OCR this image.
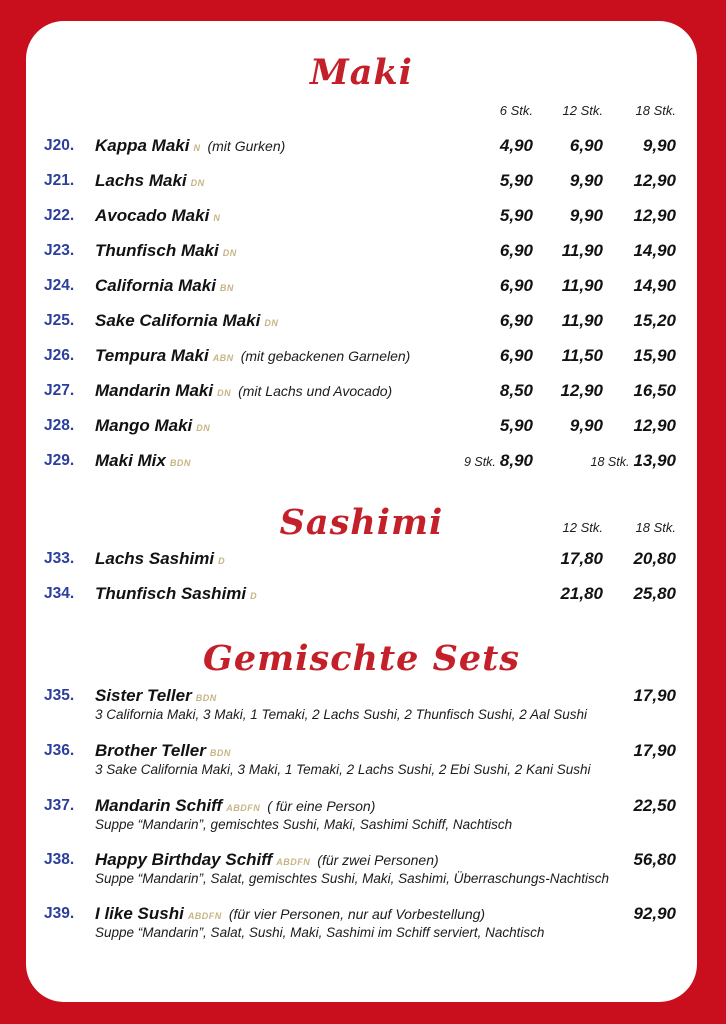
Maki
6 Stk. 12 Stk.	18 Stk.
J20. Kappa Maki N (mit Gurken)	4,90 6,90 9,90
J21. Lachs Maki DN	5,90 9,90 12,90
J22. Avocado Maki N	5,90 9,90 12,90
J23. Thunfisch Maki DN	6,90 11,90 14,90
J24. California Maki BN	6,90 11,90 14,90
J25. Sake California Maki DN	6,90 11,90 15,20
J26. Tempura Maki ABN (mit gebackenen Garnelen)	6,90 11,50 15,90
J27. Mandarin Maki DN (mit Lachs und Avocado)	8,50 12,90 16,50
J28. Mango Maki DN	5,90 9,90 12,90
J29. Maki Mix BDN	9 Stk. 8,90	18 Stk. 13,90
Sashimi	12 Stk.	18 Stk.
J33. Lachs Sashimi D	17,80 20,80
J34. Thunfisch Sashimi D	21,80 25,80
Gemischte Sets
J35. Sister Teller BDN	17,90
3 California Maki, 3 Maki, 1 Temaki, 2 Lachs Sushi, 2 Thunfisch Sushi, 2 Aal Sushi
J36. Brother Teller BDN	17,90
3 Sake California Maki, 3 Maki, 1 Temaki, 2 Lachs Sushi, 2 Ebi Sushi, 2 Kani Sushi
J37. Mandarin Schiff ABDFN ( für eine Person)	22,50
Suppe “Mandarin”, gemischtes Sushi, Maki, Sashimi Schiff, Nachtisch
J38. Happy Birthday Schiff ABDFN (für zwei Personen)	56,80
Suppe “Mandarin”, Salat, gemischtes Sushi, Maki, Sashimi, Überraschungs-Nachtisch
J39. I like Sushi ABDFN (für vier Personen, nur auf Vorbestellung)	92,90
Suppe “Mandarin”, Salat, Sushi, Maki, Sashimi im Schiff serviert, Nachtisch
